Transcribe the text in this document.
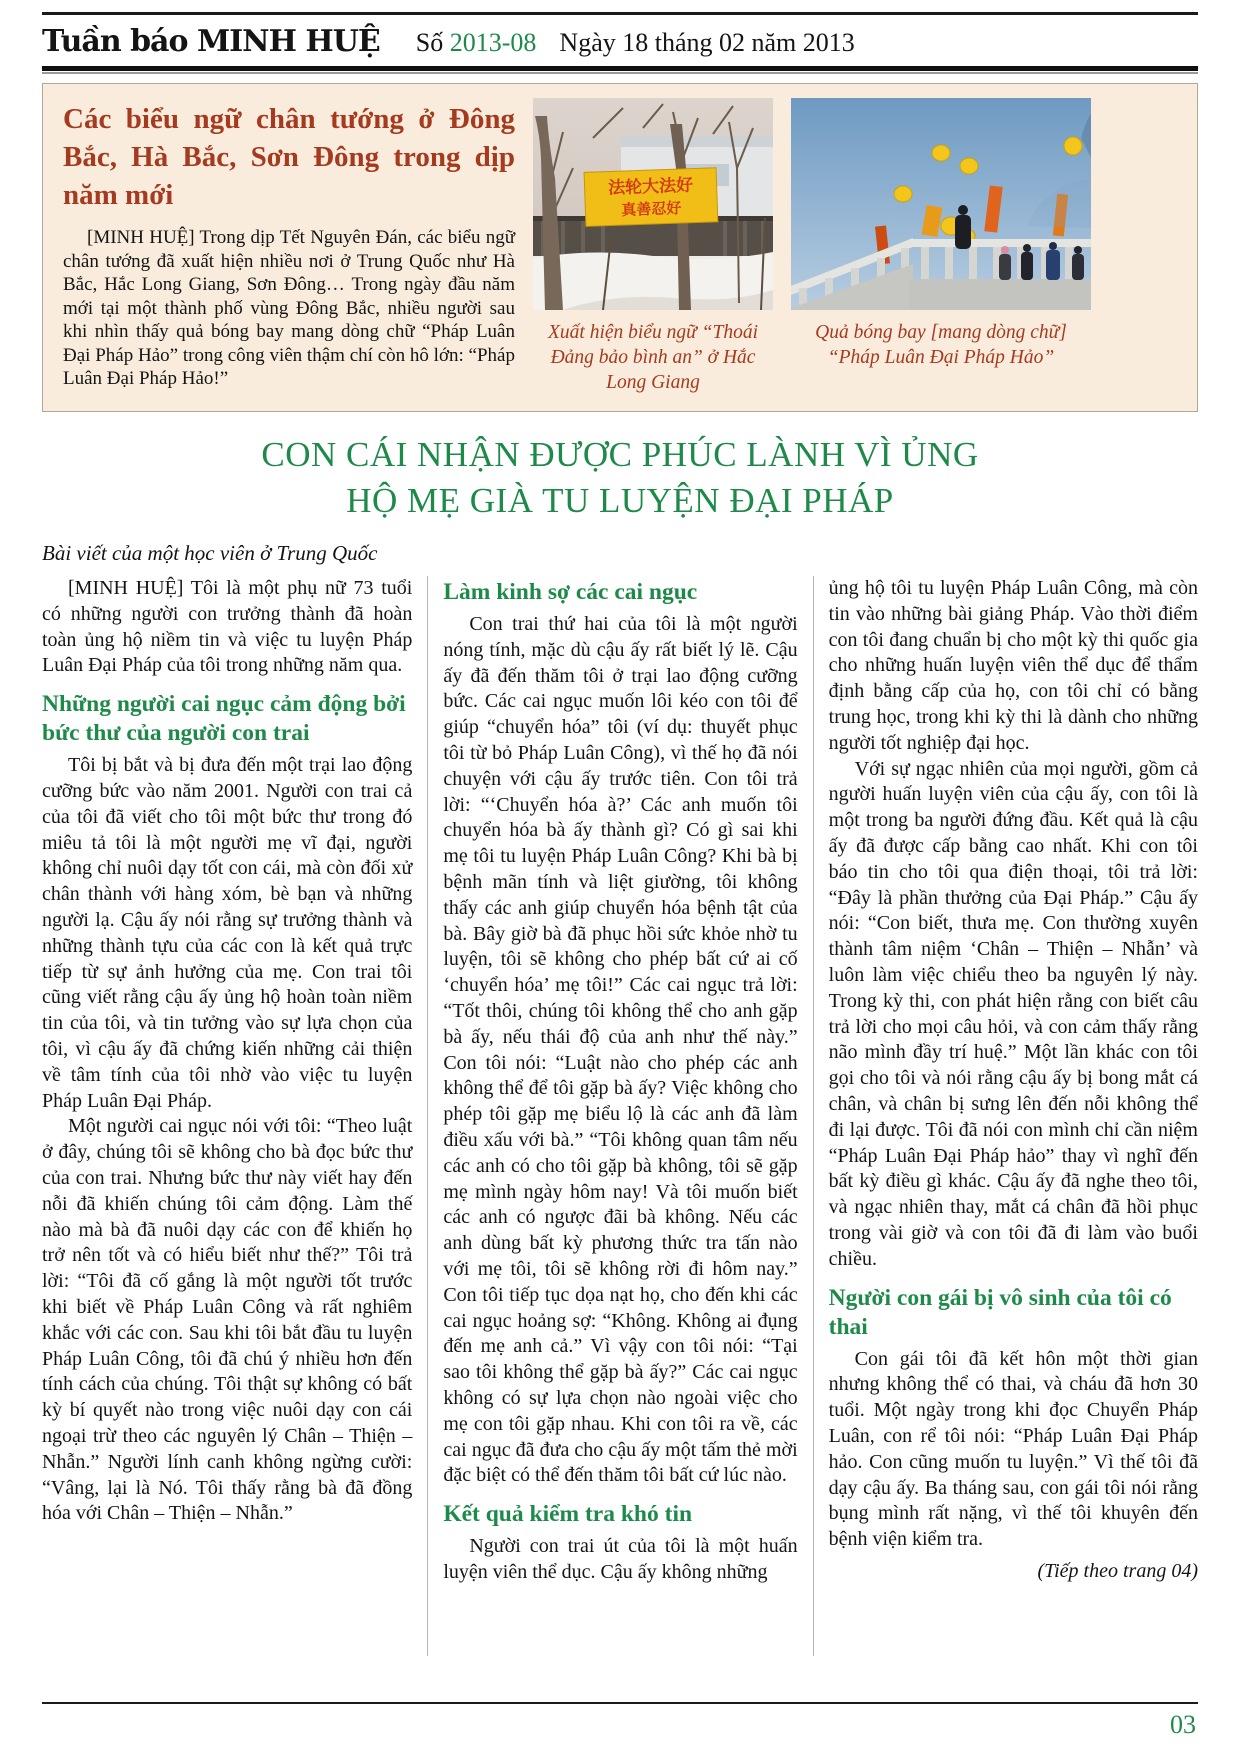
Tuần báo MINH HUỆ Số 2013-08 Ngày 18 tháng 02 năm 2013
Các biểu ngữ chân tướng ở Đông Bắc, Hà Bắc, Sơn Đông trong dịp năm mới
[MINH HUỆ] Trong dịp Tết Nguyên Đán, các biểu ngữ chân tướng đã xuất hiện nhiều nơi ở Trung Quốc như Hà Bắc, Hắc Long Giang, Sơn Đông… Trong ngày đầu năm mới tại một thành phố vùng Đông Bắc, nhiều người sau khi nhìn thấy quả bóng bay mang dòng chữ “Pháp Luân Đại Pháp Hảo” trong công viên thậm chí còn hô lớn: “Pháp Luân Đại Pháp Hảo!”
法轮大法好
真善忍好
Xuất hiện biểu ngữ “Thoái Đảng bảo bình an” ở Hắc Long Giang
Quả bóng bay [mang dòng chữ] “Pháp Luân Đại Pháp Hảo”
CON CÁI NHẬN ĐƯỢC PHÚC LÀNH VÌ ỦNG
HỘ MẸ GIÀ TU LUYỆN ĐẠI PHÁP
Bài viết của một học viên ở Trung Quốc

[MINH HUỆ] Tôi là một phụ nữ 73 tuổi có những người con trưởng thành đã hoàn toàn ủng hộ niềm tin và việc tu luyện Pháp Luân Đại Pháp của tôi trong những năm qua.

Những người cai ngục cảm động bởi bức thư của người con trai

Tôi bị bắt và bị đưa đến một trại lao động cưỡng bức vào năm 2001. Người con trai cả của tôi đã viết cho tôi một bức thư trong đó miêu tả tôi là một người mẹ vĩ đại, người không chỉ nuôi dạy tốt con cái, mà còn đối xử chân thành với hàng xóm, bè bạn và những người lạ. Cậu ấy nói rằng sự trưởng thành và những thành tựu của các con là kết quả trực tiếp từ sự ảnh hưởng của mẹ. Con trai tôi cũng viết rằng cậu ấy ủng hộ hoàn toàn niềm tin của tôi, và tin tưởng vào sự lựa chọn của tôi, vì cậu ấy đã chứng kiến những cải thiện về tâm tính của tôi nhờ vào việc tu luyện Pháp Luân Đại Pháp.

Một người cai ngục nói với tôi: “Theo luật ở đây, chúng tôi sẽ không cho bà đọc bức thư của con trai. Nhưng bức thư này viết hay đến nỗi đã khiến chúng tôi cảm động. Làm thế nào mà bà đã nuôi dạy các con để khiến họ trở nên tốt và có hiểu biết như thế?” Tôi trả lời: “Tôi đã cố gắng là một người tốt trước khi biết về Pháp Luân Công và rất nghiêm khắc với các con. Sau khi tôi bắt đầu tu luyện Pháp Luân Công, tôi đã chú ý nhiều hơn đến tính cách của chúng. Tôi thật sự không có bất kỳ bí quyết nào trong việc nuôi dạy con cái ngoại trừ theo các nguyên lý Chân – Thiện – Nhẫn.” Người lính canh không ngừng cười: “Vâng, lại là Nó. Tôi thấy rằng bà đã đồng hóa với Chân – Thiện – Nhẫn.”

Làm kinh sợ các cai ngục

Con trai thứ hai của tôi là một người nóng tính, mặc dù cậu ấy rất biết lý lẽ. Cậu ấy đã đến thăm tôi ở trại lao động cưỡng bức. Các cai ngục muốn lôi kéo con tôi để giúp “chuyển hóa” tôi (ví dụ: thuyết phục tôi từ bỏ Pháp Luân Công), vì thế họ đã nói chuyện với cậu ấy trước tiên. Con tôi trả lời: “‘Chuyển hóa à?’ Các anh muốn tôi chuyển hóa bà ấy thành gì? Có gì sai khi mẹ tôi tu luyện Pháp Luân Công? Khi bà bị bệnh mãn tính và liệt giường, tôi không thấy các anh giúp chuyển hóa bệnh tật của bà. Bây giờ bà đã phục hồi sức khỏe nhờ tu luyện, tôi sẽ không cho phép bất cứ ai cố ‘chuyển hóa’ mẹ tôi!” Các cai ngục trả lời: “Tốt thôi, chúng tôi không thể cho anh gặp bà ấy, nếu thái độ của anh như thế này.” Con tôi nói: “Luật nào cho phép các anh không thể để tôi gặp bà ấy? Việc không cho phép tôi gặp mẹ biểu lộ là các anh đã làm điều xấu với bà.” “Tôi không quan tâm nếu các anh có cho tôi gặp bà không, tôi sẽ gặp mẹ mình ngày hôm nay! Và tôi muốn biết các anh có ngược đãi bà không. Nếu các anh dùng bất kỳ phương thức tra tấn nào với mẹ tôi, tôi sẽ không rời đi hôm nay.” Con tôi tiếp tục dọa nạt họ, cho đến khi các cai ngục hoảng sợ: “Không. Không ai đụng đến mẹ anh cả.” Vì vậy con tôi nói: “Tại sao tôi không thể gặp bà ấy?” Các cai ngục không có sự lựa chọn nào ngoài việc cho mẹ con tôi gặp nhau. Khi con tôi ra về, các cai ngục đã đưa cho cậu ấy một tấm thẻ mời đặc biệt có thể đến thăm tôi bất cứ lúc nào.

Kết quả kiểm tra khó tin

Người con trai út của tôi là một huấn luyện viên thể dục. Cậu ấy không những

ủng hộ tôi tu luyện Pháp Luân Công, mà còn tin vào những bài giảng Pháp. Vào thời điểm con tôi đang chuẩn bị cho một kỳ thi quốc gia cho những huấn luyện viên thể dục để thẩm định bằng cấp của họ, con tôi chỉ có bằng trung học, trong khi kỳ thi là dành cho những người tốt nghiệp đại học.

Với sự ngạc nhiên của mọi người, gồm cả người huấn luyện viên của cậu ấy, con tôi là một trong ba người đứng đầu. Kết quả là cậu ấy đã được cấp bằng cao nhất. Khi con tôi báo tin cho tôi qua điện thoại, tôi trả lời: “Đây là phần thưởng của Đại Pháp.” Cậu ấy nói: “Con biết, thưa mẹ. Con thường xuyên thành tâm niệm ‘Chân – Thiện – Nhẫn’ và luôn làm việc chiểu theo ba nguyên lý này. Trong kỳ thi, con phát hiện rằng con biết câu trả lời cho mọi câu hỏi, và con cảm thấy rằng não mình đầy trí huệ.” Một lần khác con tôi gọi cho tôi và nói rằng cậu ấy bị bong mắt cá chân, và chân bị sưng lên đến nỗi không thể đi lại được. Tôi đã nói con mình chỉ cần niệm “Pháp Luân Đại Pháp hảo” thay vì nghĩ đến bất kỳ điều gì khác. Cậu ấy đã nghe theo tôi, và ngạc nhiên thay, mắt cá chân đã hồi phục trong vài giờ và con tôi đã đi làm vào buổi chiều.

Người con gái bị vô sinh của tôi có thai

Con gái tôi đã kết hôn một thời gian nhưng không thể có thai, và cháu đã hơn 30 tuổi. Một ngày trong khi đọc Chuyển Pháp Luân, con rể tôi nói: “Pháp Luân Đại Pháp hảo. Con cũng muốn tu luyện.” Vì thế tôi đã dạy cậu ấy. Ba tháng sau, con gái tôi nói rằng bụng mình rất nặng, vì thế tôi khuyên đến bệnh viện kiểm tra.

(Tiếp theo trang 04)

03
